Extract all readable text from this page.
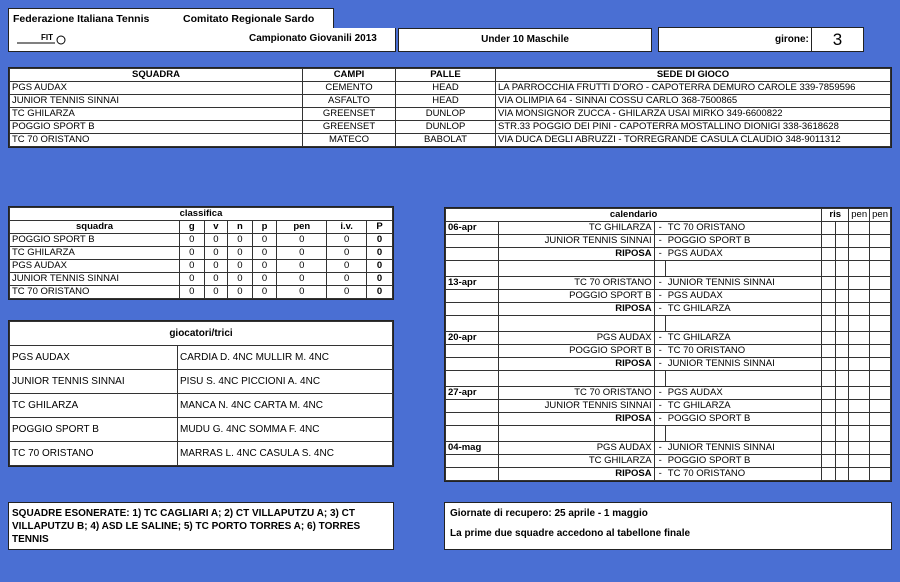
Federazione Italiana Tennis	Comitato Regionale Sardo
FIT	Campionato Giovanili 2013	Under 10 Maschile	girone:	3
SQUADRA	CAMPI	PALLE	SEDE DI GIOCO
PGS AUDAX	CEMENTO	HEAD	LA PARROCCHIA FRUTTI D'ORO - CAPOTERRA DEMURO CAROLE 339-7859596
JUNIOR TENNIS SINNAI	ASFALTO	HEAD	VIA OLIMPIA 64 - SINNAI COSSU CARLO 368-7500865
TC GHILARZA	GREENSET	DUNLOP	VIA MONSIGNOR ZUCCA - GHILARZA USAI MIRKO 349-6600822
POGGIO SPORT B	GREENSET	DUNLOP	STR.33 POGGIO DEI PINI - CAPOTERRA MOSTALLINO DIONIGI 338-3618628
TC 70 ORISTANO	MATECO	BABOLAT	VIA DUCA DEGLI ABRUZZI - TORREGRANDE CASULA CLAUDIO 348-9011312
classifica							
squadra	g	v	n	p	pen	i.v.	P
POGGIO SPORT B	0	0	0	0	0	0	0
TC GHILARZA	0	0	0	0	0	0	0
PGS AUDAX	0	0	0	0	0	0	0
JUNIOR TENNIS SINNAI	0	0	0	0	0	0	0
TC 70 ORISTANO	0	0	0	0	0	0	0
giocatori/trici	
PGS AUDAX	CARDIA D. 4NC MULLIR M. 4NC
JUNIOR TENNIS SINNAI	PISU S. 4NC PICCIONI A. 4NC
TC GHILARZA	MANCA N. 4NC CARTA M. 4NC
POGGIO SPORT B	MUDU G. 4NC SOMMA F. 4NC
TC 70 ORISTANO	MARRAS L. 4NC CASULA S. 4NC
calendario				ris		pen	pen
06-apr	TC GHILARZA	-	TC 70 ORISTANO				
	JUNIOR TENNIS SINNAI	-	POGGIO SPORT B				
	RIPOSA	-	PGS AUDAX				

13-apr	TC 70 ORISTANO	-	JUNIOR TENNIS SINNAI				
	POGGIO SPORT B	-	PGS AUDAX				
	RIPOSA	-	TC GHILARZA				

20-apr	PGS AUDAX	-	TC GHILARZA				
	POGGIO SPORT B	-	TC 70 ORISTANO				
	RIPOSA	-	JUNIOR TENNIS SINNAI				

27-apr	TC 70 ORISTANO	-	PGS AUDAX				
	JUNIOR TENNIS SINNAI	-	TC GHILARZA				
	RIPOSA	-	POGGIO SPORT B				

04-mag	PGS AUDAX	-	JUNIOR TENNIS SINNAI				
	TC GHILARZA	-	POGGIO SPORT B				
	RIPOSA	-	TC 70 ORISTANO				
SQUADRE ESONERATE: 1) TC CAGLIARI A; 2) CT VILLAPUTZU A; 3) CT VILLAPUTZU B; 4) ASD LE SALINE; 5) TC PORTO TORRES A; 6) TORRES TENNIS

Giornate di recupero: 25 aprile - 1 maggio

La prime due squadre accedono al tabellone finale
